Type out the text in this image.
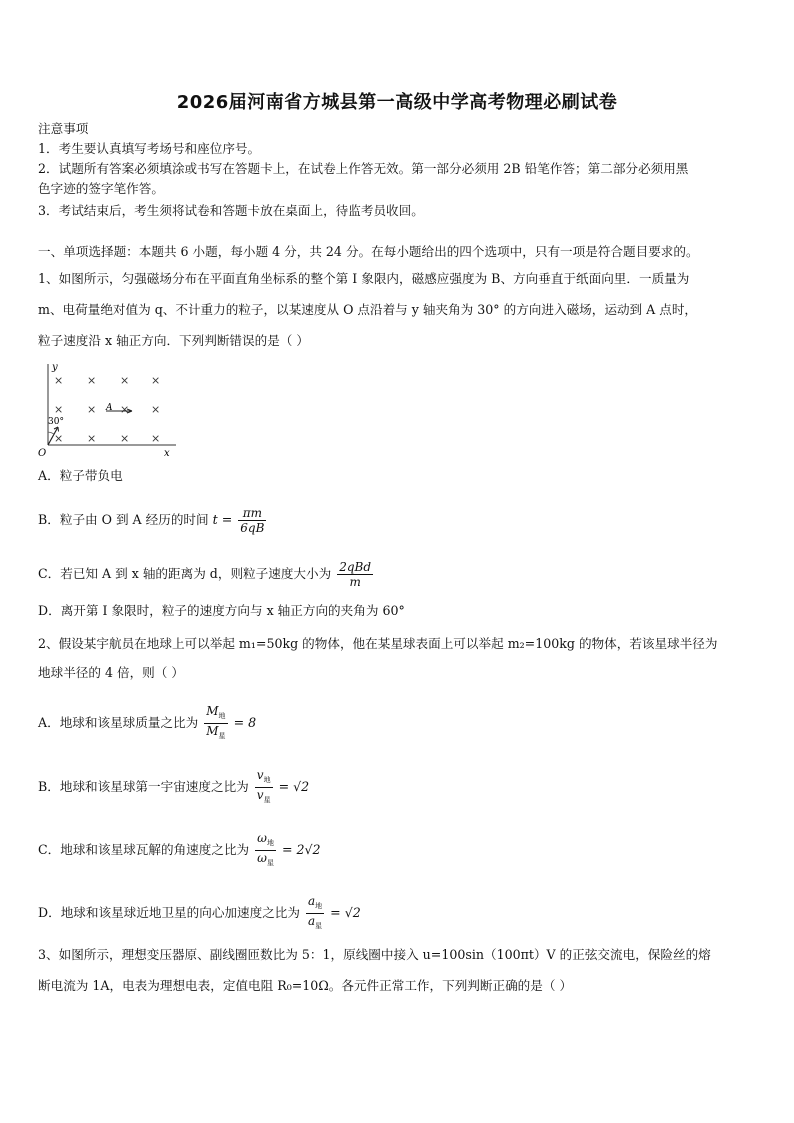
2026届河南省方城县第一高级中学高考物理必刷试卷
注意事项
1．考生要认真填写考场号和座位序号。
2．试题所有答案必须填涂或书写在答题卡上，在试卷上作答无效。第一部分必须用 2B 铅笔作答；第二部分必须用黑
色字迹的签字笔作答。
3．考试结束后，考生须将试卷和答题卡放在桌面上，待监考员收回。
一、单项选择题：本题共 6 小题，每小题 4 分，共 24 分。在每小题给出的四个选项中，只有一项是符合题目要求的。
1、如图所示，匀强磁场分布在平面直角坐标系的整个第 I 象限内，磁感应强度为 B、方向垂直于纸面向里．一质量为
m、电荷量绝对值为 q、不计重力的粒子，以某速度从 O 点沿着与 y 轴夹角为 30° 的方向进入磁场，运动到 A 点时，
粒子速度沿 x 轴正方向．下列判断错误的是（ ）
y
x
O
× × × ×
× × × ×
× × × ×
30°
A
A．粒子带负电
B．粒子由 O 到 A 经历的时间 $t = \frac{\pi m}{6qB}$
C．若已知 A 到 x 轴的距离为 d，则粒子速度大小为 $\frac{\text{2qBd}}{m}$
D．离开第 I 象限时，粒子的速度方向与 x 轴正方向的夹角为 60°
2、假设某宇航员在地球上可以举起 m₁=50kg 的物体，他在某星球表面上可以举起 m₂=100kg 的物体，若该星球半径为
地球半径的 4 倍，则（ ）
A．地球和该星球质量之比为 $\frac{M_地}{M_星} = 8$
B．地球和该星球第一宇宙速度之比为 $\frac{v_地}{v_星} = √2$
C．地球和该星球瓦解的角速度之比为 $\frac{\omega_地}{\omega_星} = 2√2$
D．地球和该星球近地卫星的向心加速度之比为 $\frac{a_地}{a_星} = √2$
3、如图所示，理想变压器原、副线圈匝数比为 5：1，原线圈中接入 u=100sin（100πt）V 的正弦交流电，保险丝的熔
断电流为 1A，电表为理想电表，定值电阻 R₀=10Ω。各元件正常工作，下列判断正确的是（ ）
